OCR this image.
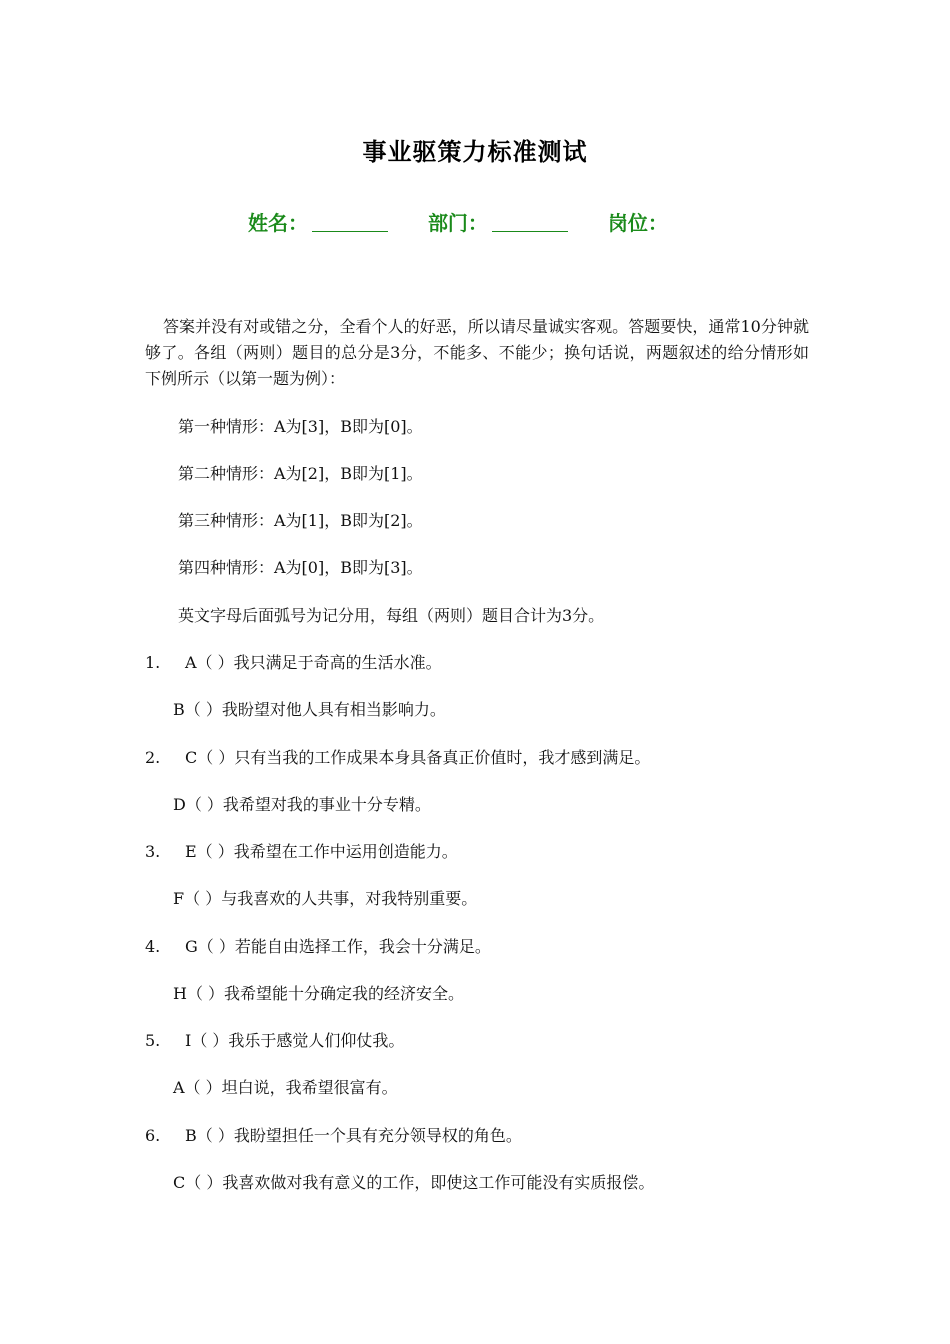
事业驱策力标准测试
姓名：	部门：	岗位：
答案并没有对或错之分，全看个人的好恶，所以请尽量诚实客观。答题要快，通常10分钟就够了。各组（两则）题目的总分是3分，不能多、不能少；换句话说，两题叙述的给分情形如下例所示（以第一题为例）：
第一种情形：A为[3]，B即为[0]。
第二种情形：A为[2]，B即为[1]。
第三种情形：A为[1]，B即为[2]。
第四种情形：A为[0]，B即为[3]。
英文字母后面弧号为记分用，每组（两则）题目合计为3分。
1. A（ ）我只满足于奇高的生活水准。
B（ ）我盼望对他人具有相当影响力。
2. C（ ）只有当我的工作成果本身具备真正价值时，我才感到满足。
D（ ）我希望对我的事业十分专精。
3. E（ ）我希望在工作中运用创造能力。
F（ ）与我喜欢的人共事，对我特别重要。
4. G（ ）若能自由选择工作，我会十分满足。
H（ ）我希望能十分确定我的经济安全。
5. I（ ）我乐于感觉人们仰仗我。
A（ ）坦白说，我希望很富有。
6. B（ ）我盼望担任一个具有充分领导权的角色。
C（ ）我喜欢做对我有意义的工作，即使这工作可能没有实质报偿。
